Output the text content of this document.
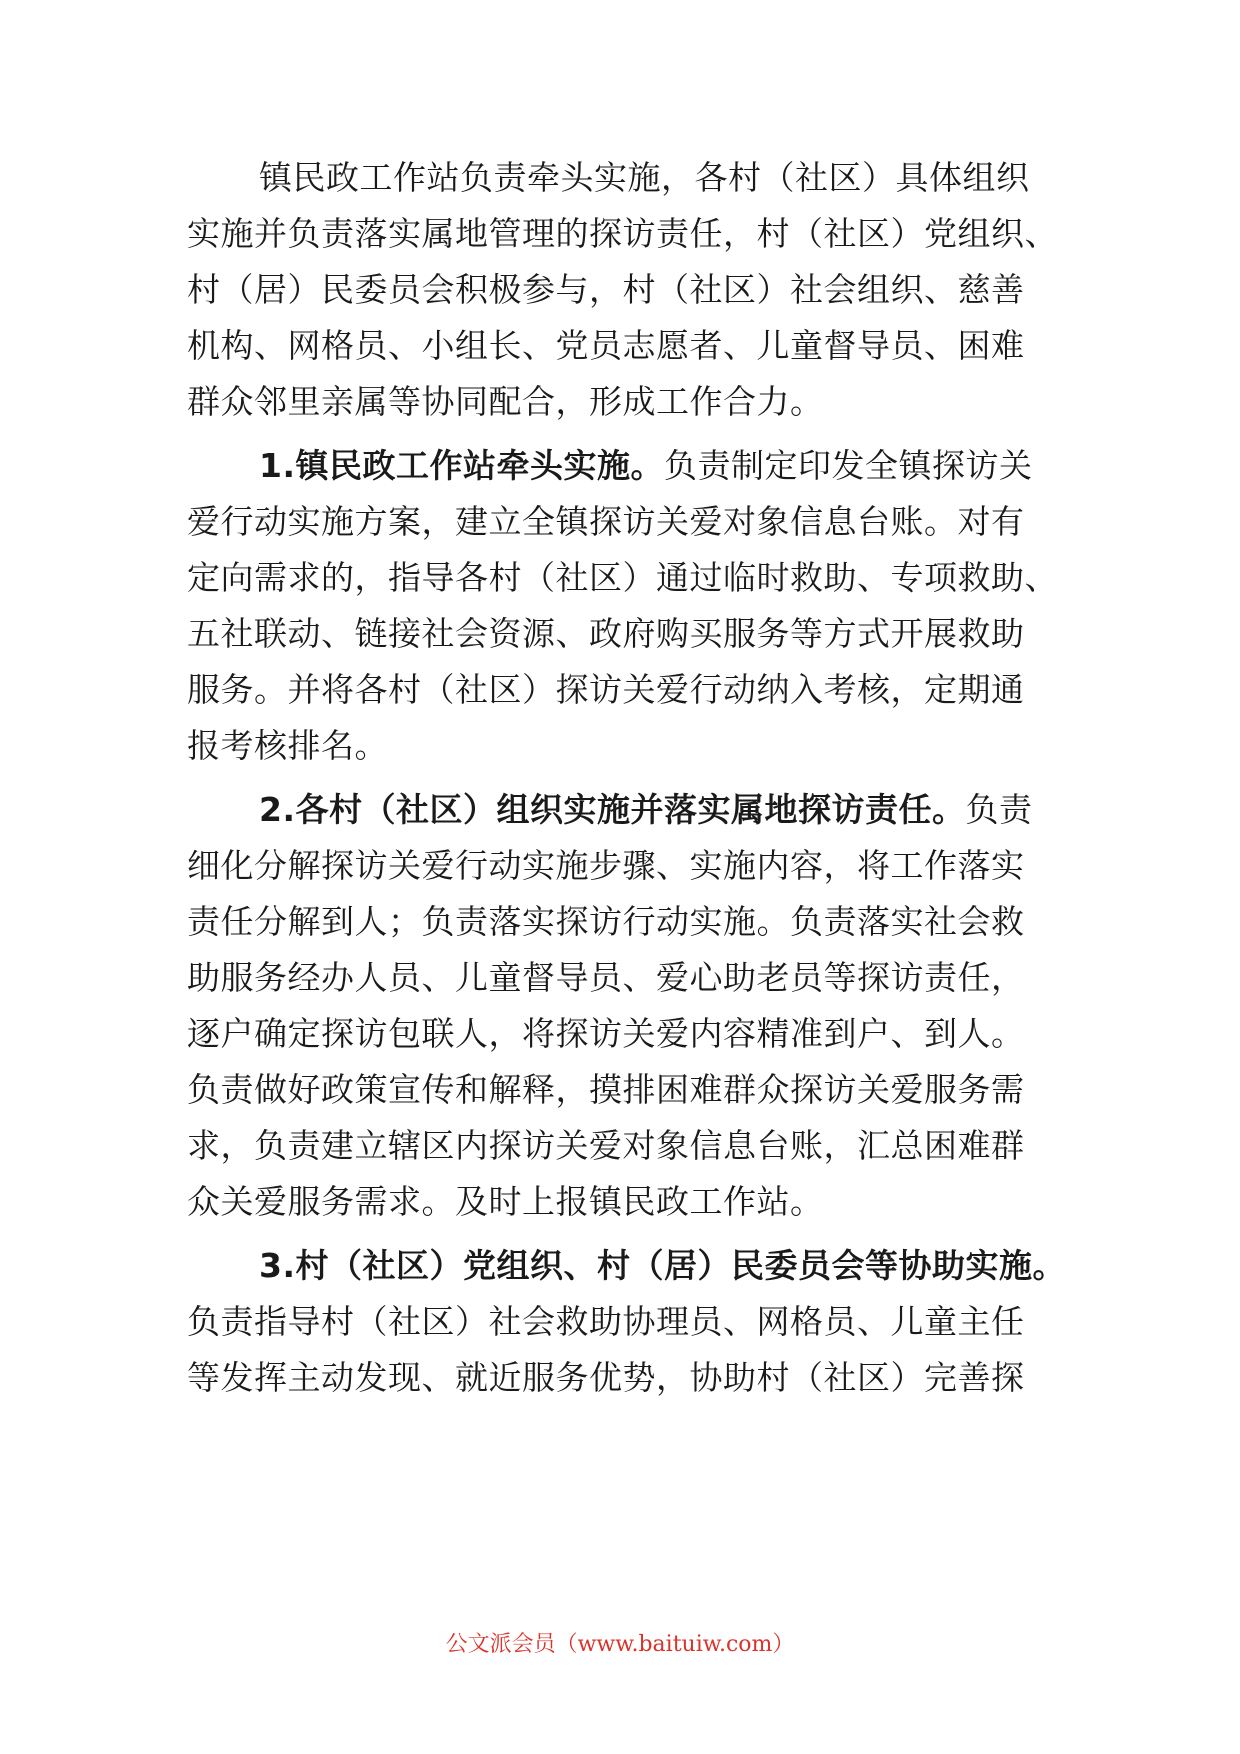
镇民政工作站负责牵头实施，各村（社区）具体组织
实施并负责落实属地管理的探访责任，村（社区）党组织、
村（居）民委员会积极参与，村（社区）社会组织、慈善
机构、网格员、小组长、党员志愿者、儿童督导员、困难
群众邻里亲属等协同配合，形成工作合力。
1.镇民政工作站牵头实施。负责制定印发全镇探访关
爱行动实施方案，建立全镇探访关爱对象信息台账。对有
定向需求的，指导各村（社区）通过临时救助、专项救助、
五社联动、链接社会资源、政府购买服务等方式开展救助
服务。并将各村（社区）探访关爱行动纳入考核，定期通
报考核排名。
2.各村（社区）组织实施并落实属地探访责任。负责
细化分解探访关爱行动实施步骤、实施内容，将工作落实
责任分解到人；负责落实探访行动实施。负责落实社会救
助服务经办人员、儿童督导员、爱心助老员等探访责任，
逐户确定探访包联人，将探访关爱内容精准到户、到人。
负责做好政策宣传和解释，摸排困难群众探访关爱服务需
求，负责建立辖区内探访关爱对象信息台账，汇总困难群
众关爱服务需求。及时上报镇民政工作站。
3.村（社区）党组织、村（居）民委员会等协助实施。
负责指导村（社区）社会救助协理员、网格员、儿童主任
等发挥主动发现、就近服务优势，协助村（社区）完善探
公文派会员（www.baituiw.com）
